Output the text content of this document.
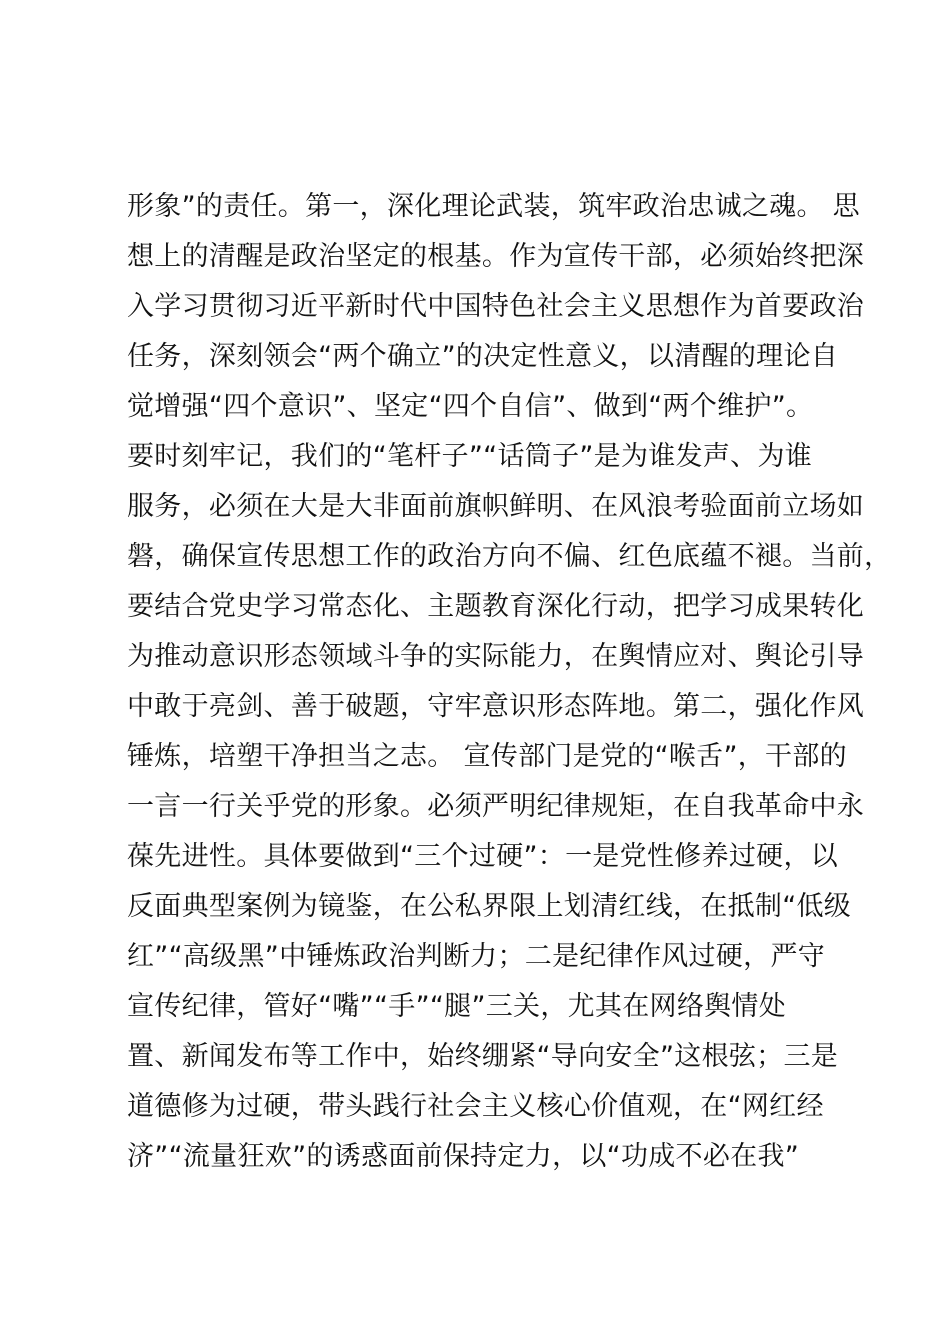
形象”的责任。第一，深化理论武装，筑牢政治忠诚之魂。 思
想上的清醒是政治坚定的根基。作为宣传干部，必须始终把深
入学习贯彻习近平新时代中国特色社会主义思想作为首要政治
任务，深刻领会“两个确立”的决定性意义，以清醒的理论自
觉增强“四个意识”、坚定“四个自信”、做到“两个维护”。
要时刻牢记，我们的“笔杆子”“话筒子”是为谁发声、为谁
服务，必须在大是大非面前旗帜鲜明、在风浪考验面前立场如
磐，确保宣传思想工作的政治方向不偏、红色底蕴不褪。当前，
要结合党史学习常态化、主题教育深化行动，把学习成果转化
为推动意识形态领域斗争的实际能力，在舆情应对、舆论引导
中敢于亮剑、善于破题，守牢意识形态阵地。第二，强化作风
锤炼，培塑干净担当之志。 宣传部门是党的“喉舌”，干部的
一言一行关乎党的形象。必须严明纪律规矩，在自我革命中永
葆先进性。具体要做到“三个过硬”：一是党性修养过硬，以
反面典型案例为镜鉴，在公私界限上划清红线，在抵制“低级
红”“高级黑”中锤炼政治判断力；二是纪律作风过硬，严守
宣传纪律，管好“嘴”“手”“腿”三关，尤其在网络舆情处
置、新闻发布等工作中，始终绷紧“导向安全”这根弦；三是
道德修为过硬，带头践行社会主义核心价值观，在“网红经
济”“流量狂欢”的诱惑面前保持定力，以“功成不必在我”
